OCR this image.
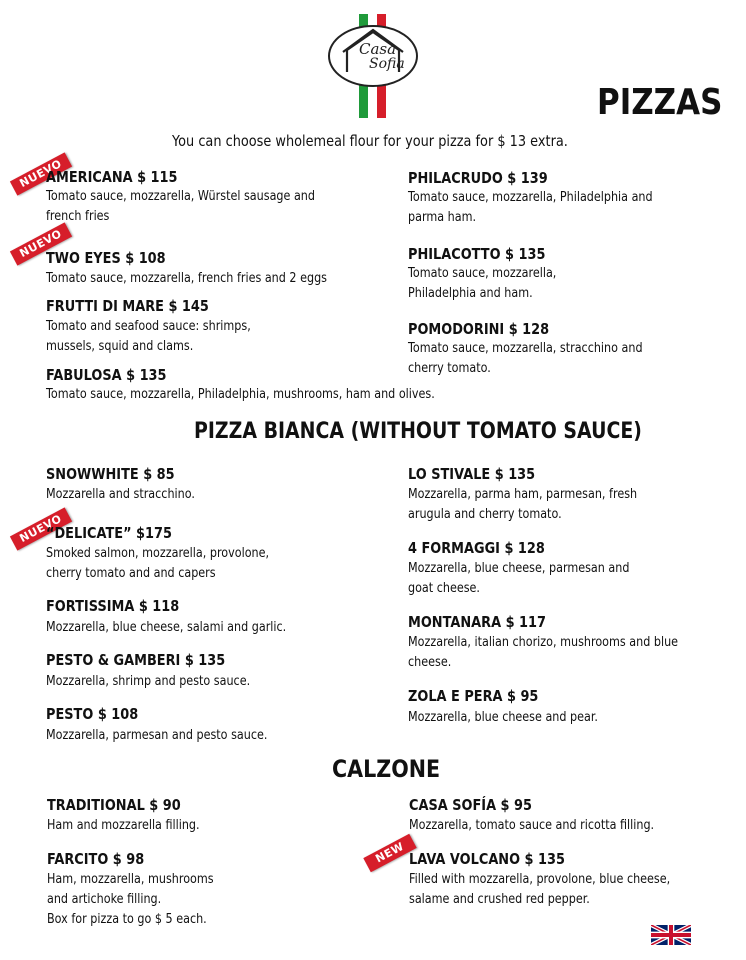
Casa
Sofia
PIZZAS
You can choose wholemeal flour for your pizza for $ 13 extra.
NUEVO
NUEVO
NUEVO
NEW
AMERICANA $ 115
Tomato sauce, mozzarella, Würstel sausage and french fries
TWO EYES $ 108
Tomato sauce, mozzarella, french fries and 2 eggs
FRUTTI DI MARE $ 145
Tomato and seafood sauce: shrimps, mussels, squid and clams.
FABULOSA $ 135
Tomato sauce, mozzarella, Philadelphia, mushrooms, ham and olives.
PHILACRUDO $ 139
Tomato sauce, mozzarella, Philadelphia and parma ham.
PHILACOTTO $ 135
Tomato sauce, mozzarella, Philadelphia and ham.
POMODORINI $ 128
Tomato sauce, mozzarella, stracchino and cherry tomato.
PIZZA BIANCA (WITHOUT TOMATO SAUCE)
SNOWWHITE $ 85
Mozzarella and stracchino.
“DELICATE” $175
Smoked salmon, mozzarella, provolone, cherry tomato and and capers
FORTISSIMA $ 118
Mozzarella, blue cheese, salami and garlic.
PESTO & GAMBERI $ 135
Mozzarella, shrimp and pesto sauce.
PESTO $ 108
Mozzarella, parmesan and pesto sauce.
LO STIVALE $ 135
Mozzarella, parma ham, parmesan, fresh arugula and cherry tomato.
4 FORMAGGI $ 128
Mozzarella, blue cheese, parmesan and goat cheese.
MONTANARA $ 117
Mozzarella, italian chorizo, mushrooms and blue cheese.
ZOLA E PERA $ 95
Mozzarella, blue cheese and pear.
CALZONE
TRADITIONAL $ 90
Ham and mozzarella filling.
FARCITO $ 98
Ham, mozzarella, mushrooms and artichoke filling.
Box for pizza to go $ 5 each.
CASA SOFÍA $ 95
Mozzarella, tomato sauce and ricotta filling.
LAVA VOLCANO $ 135
Filled with mozzarella, provolone, blue cheese, salame and crushed red pepper.
